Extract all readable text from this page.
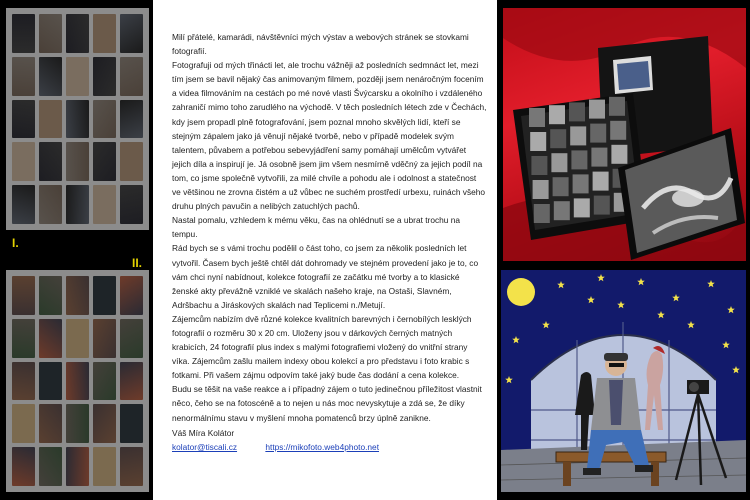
I.
II.

Milí přátelé, kamarádi, návštěvníci mých výstav a webových stránek se stovkami fotografií.

Fotografuji od mých třinácti let, ale trochu vážněji až posledních sedmnáct let, mezi tím jsem se bavil nějaký čas animovaným filmem, později jsem nenáročným focením a videa filmováním na cestách po mé nové vlasti Švýcarsku a okolního i vzdáleného zahraničí mimo toho zarudlého na východě. V těch posledních létech zde v Čechách, kdy jsem propadl plně fotografování, jsem poznal mnoho skvělých lidí, kteří se stejným zápalem jako já věnují nějaké tvorbě, nebo v případě modelek svým talentem, půvabem a potřebou sebevyjádření samy pomáhají umělcům vytvářet jejich díla a inspirují je. Já osobně jsem jim všem nesmírně vděčný za jejich podíl na tom, co jsme společně vytvořili, za milé chvíle a pohodu ale i odolnost a statečnost ve většinou ne zrovna čistém a už vůbec ne suchém prostředí urbexu, ruinách všeho druhu plných pavučin a nelibých zatuchlých pachů.

Nastal pomalu, vzhledem k mému věku, čas na ohlédnutí se a ubrat trochu na tempu.

Rád bych se s vámi trochu podělil o část toho, co jsem za několik posledních let vytvořil. Časem bych ještě chtěl dát dohromady ve stejném provedení jako je to, co vám chci nyní nabídnout, kolekce fotografií ze začátku mé tvorby a to klasické ženské akty převážně vzniklé ve skalách našeho kraje, na Ostaši, Slavném, Adršbachu a Jiráskových skalách nad Teplicemi n./Metují.

Zájemcům nabízím dvě různé kolekce kvalitních barevných i černobílých lesklých fotografií o rozměru 30 x 20 cm. Uloženy jsou v dárkových černých matných krabicích, 24 fotografií plus index s malými fotografiemi vložený do vnitřní strany víka. Zájemcům zašlu mailem indexy obou kolekcí a pro představu i foto krabic s fotkami. Při vašem zájmu odpovím také jaký bude čas dodání a cena kolekce.

Budu se těšit na vaše reakce a i případný zájem o tuto jedinečnou příležitost vlastnit něco, čeho se na fotoscéně a to nejen u nás moc nevyskytuje a zdá se, že díky nenormálnímu stavu v myšlení mnoha pomatenců brzy úplně zanikne.

Váš Míra Kolátor

kolator@tiscali.cz	https://mikofoto.web4photo.net
